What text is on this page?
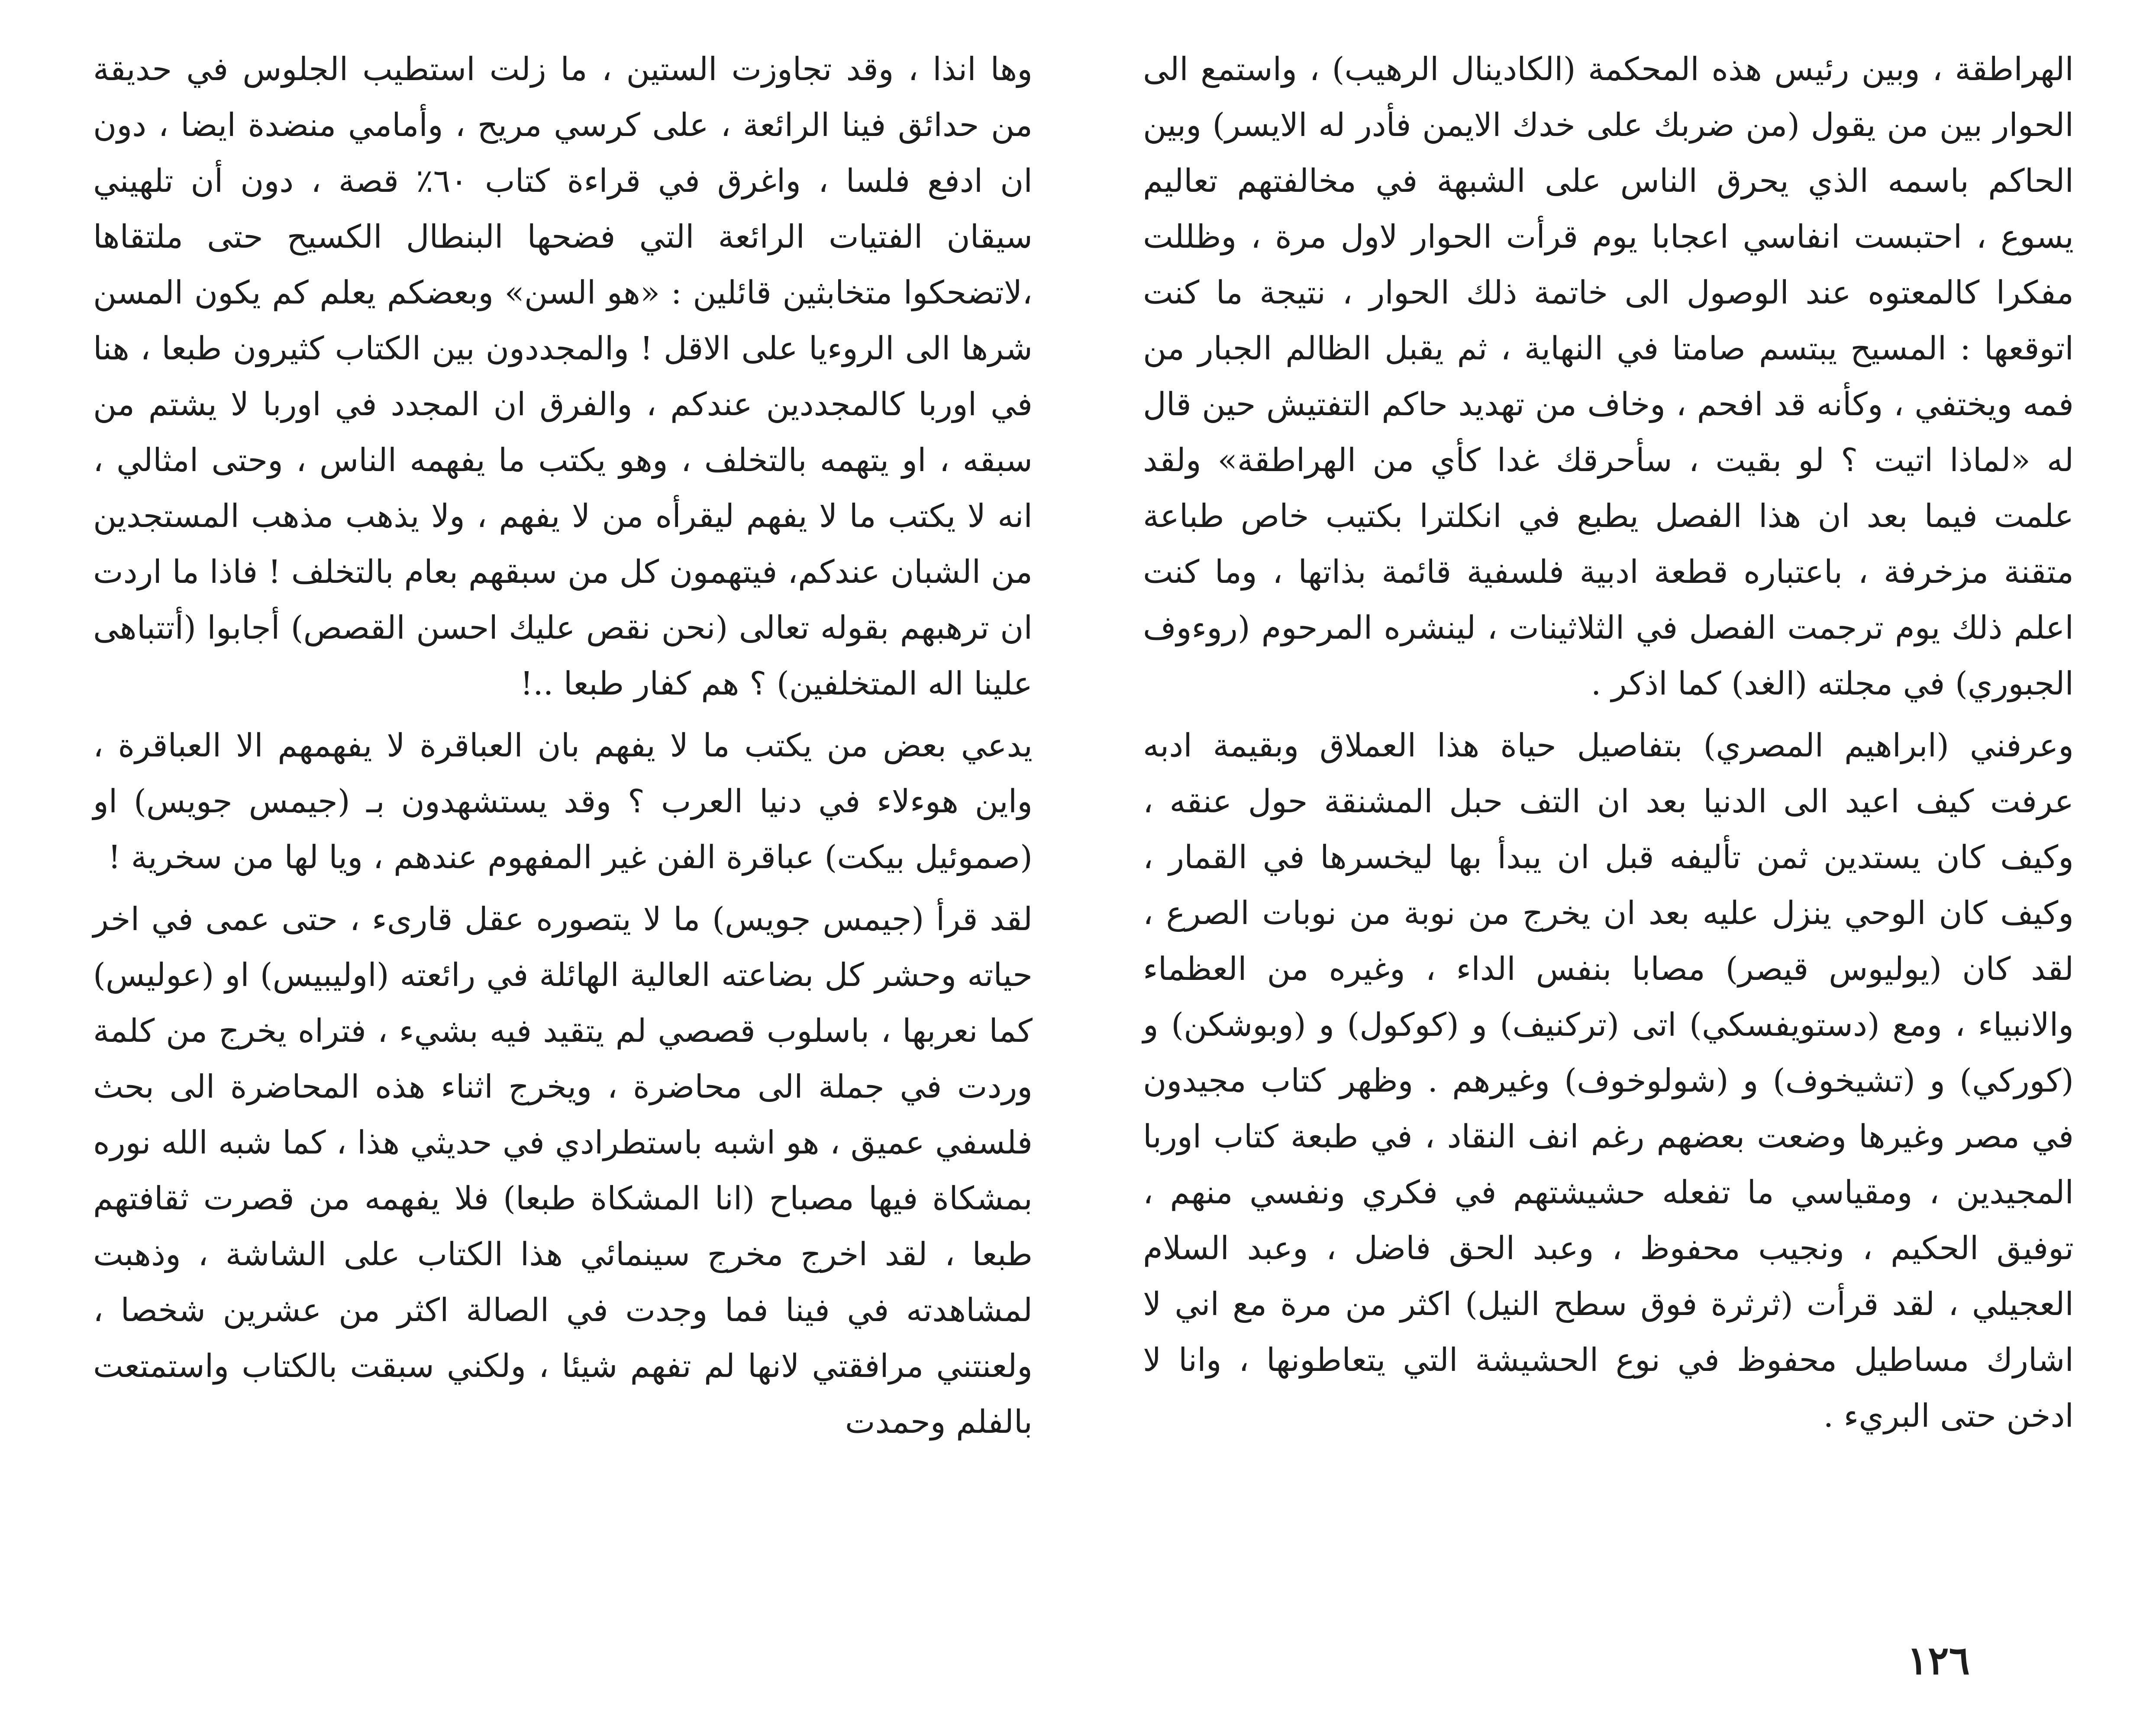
الهراطقة ، وبين رئيس هذه المحكمة (الكادينال الرهيب) ، واستمع الى الحوار بين من يقول (من ضربك على خدك الايمن فأدر له الايسر) وبين الحاكم باسمه الذي يحرق الناس على الشبهة في مخالفتهم تعاليم يسوع ، احتبست انفاسي اعجابا يوم قرأت الحوار لاول مرة ، وظللت مفكرا كالمعتوه عند الوصول الى خاتمة ذلك الحوار ، نتيجة ما كنت اتوقعها : المسيح يبتسم صامتا في النهاية ، ثم يقبل الظالم الجبار من فمه ويختفي ، وكأنه قد افحم ، وخاف من تهديد حاكم التفتيش حين قال له «لماذا اتيت ؟ لو بقيت ، سأحرقك غدا كأي من الهراطقة» ولقد علمت فيما بعد ان هذا الفصل يطبع في انكلترا بكتيب خاص طباعة متقنة مزخرفة ، باعتباره قطعة ادبية فلسفية قائمة بذاتها ، وما كنت اعلم ذلك يوم ترجمت الفصل في الثلاثينات ، لينشره المرحوم (روءوف الجبوري) في مجلته (الغد) كما اذكر .

وعرفني (ابراهيم المصري) بتفاصيل حياة هذا العملاق وبقيمة ادبه عرفت كيف اعيد الى الدنيا بعد ان التف حبل المشنقة حول عنقه ، وكيف كان يستدين ثمن تأليفه قبل ان يبدأ بها ليخسرها في القمار ، وكيف كان الوحي ينزل عليه بعد ان يخرج من نوبة من نوبات الصرع ، لقد كان (يوليوس قيصر) مصابا بنفس الداء ، وغيره من العظماء والانبياء ، ومع (دستويفسكي) اتى (تركنيف) و (كوكول) و (وبوشكن) و (كوركي) و (تشيخوف) و (شولوخوف) وغيرهم . وظهر كتاب مجيدون في مصر وغيرها وضعت بعضهم رغم انف النقاد ، في طبعة كتاب اوربا المجيدين ، ومقياسي ما تفعله حشيشتهم في فكري ونفسي منهم ، توفيق الحكيم ، ونجيب محفوظ ، وعبد الحق فاضل ، وعبد السلام العجيلي ، لقد قرأت (ثرثرة فوق سطح النيل) اكثر من مرة مع اني لا اشارك مساطيل محفوظ في نوع الحشيشة التي يتعاطونها ، وانا لا ادخن حتى البريء .

وها انذا ، وقد تجاوزت الستين ، ما زلت استطيب الجلوس في حديقة من حدائق فينا الرائعة ، على كرسي مريح ، وأمامي منضدة ايضا ، دون ان ادفع فلسا ، واغرق في قراءة كتاب ٦٠٪ قصة ، دون أن تلهيني سيقان الفتيات الرائعة التي فضحها البنطال الكسيح حتى ملتقاها ،لاتضحكوا متخابثين قائلين : «هو السن» وبعضكم يعلم كم يكون المسن شرها الى الروءيا على الاقل ! والمجددون بين الكتاب كثيرون طبعا ، هنا في اوربا كالمجددين عندكم ، والفرق ان المجدد في اوربا لا يشتم من سبقه ، او يتهمه بالتخلف ، وهو يكتب ما يفهمه الناس ، وحتى امثالي ، انه لا يكتب ما لا يفهم ليقرأه من لا يفهم ، ولا يذهب مذهب المستجدين من الشبان عندكم، فيتهمون كل من سبقهم بعام بالتخلف ! فاذا ما اردت ان ترهبهم بقوله تعالى (نحن نقص عليك احسن القصص) أجابوا (أتتباهى علينا اله المتخلفين) ؟ هم كفار طبعا ..!

يدعي بعض من يكتب ما لا يفهم بان العباقرة لا يفهمهم الا العباقرة ، واين هوءلاء في دنيا العرب ؟ وقد يستشهدون بـ (جيمس جويس) او (صموئيل بيكت) عباقرة الفن غير المفهوم عندهم ، ويا لها من سخرية !

لقد قرأ (جيمس جويس) ما لا يتصوره عقل قارىء ، حتى عمى في اخر حياته وحشر كل بضاعته العالية الهائلة في رائعته (اوليبيس) او (عوليس) كما نعربها ، باسلوب قصصي لم يتقيد فيه بشيء ، فتراه يخرج من كلمة وردت في جملة الى محاضرة ، ويخرج اثناء هذه المحاضرة الى بحث فلسفي عميق ، هو اشبه باستطرادي في حديثي هذا ، كما شبه الله نوره بمشكاة فيها مصباح (انا المشكاة طبعا) فلا يفهمه من قصرت ثقافتهم طبعا ، لقد اخرج مخرج سينمائي هذا الكتاب على الشاشة ، وذهبت لمشاهدته في فينا فما وجدت في الصالة اكثر من عشرين شخصا ، ولعنتني مرافقتي لانها لم تفهم شيئا ، ولكني سبقت بالكتاب واستمتعت بالفلم وحمدت

١٢٦
